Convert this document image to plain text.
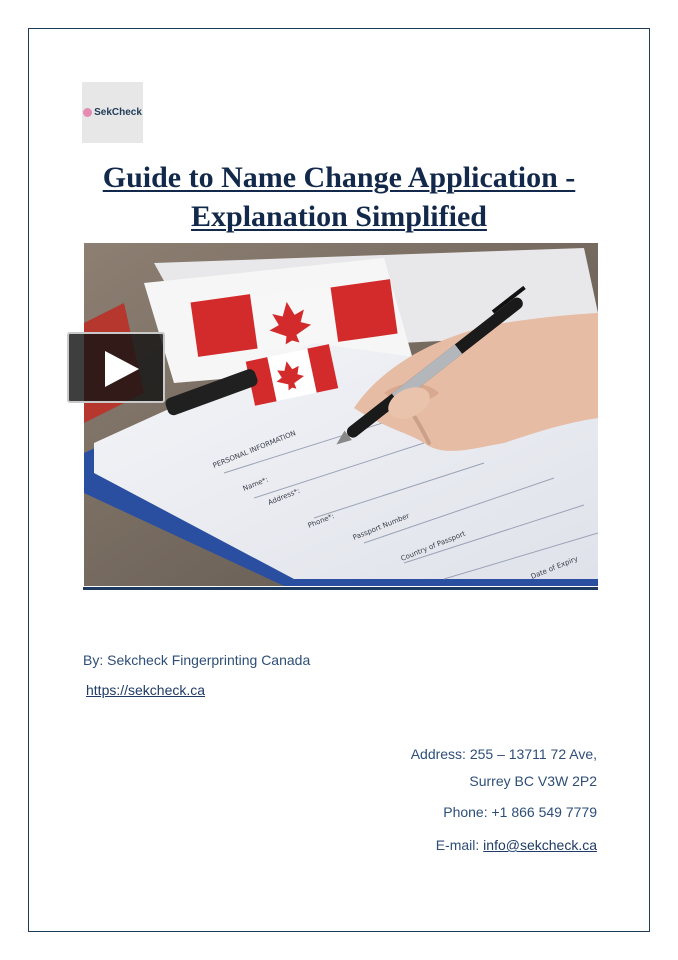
SekCheck
Guide to Name Change Application -
Explanation Simplified
PERSONAL INFORMATION
Name*:
Address*:
Phone*: Passport Number
Country of Passport
Date of Expiry
By: Sekcheck Fingerprinting Canada
https://sekcheck.ca
Address: 255 – 13711 72 Ave,
Surrey BC V3W 2P2
Phone: +1 866 549 7779
E-mail: info@sekcheck.ca
